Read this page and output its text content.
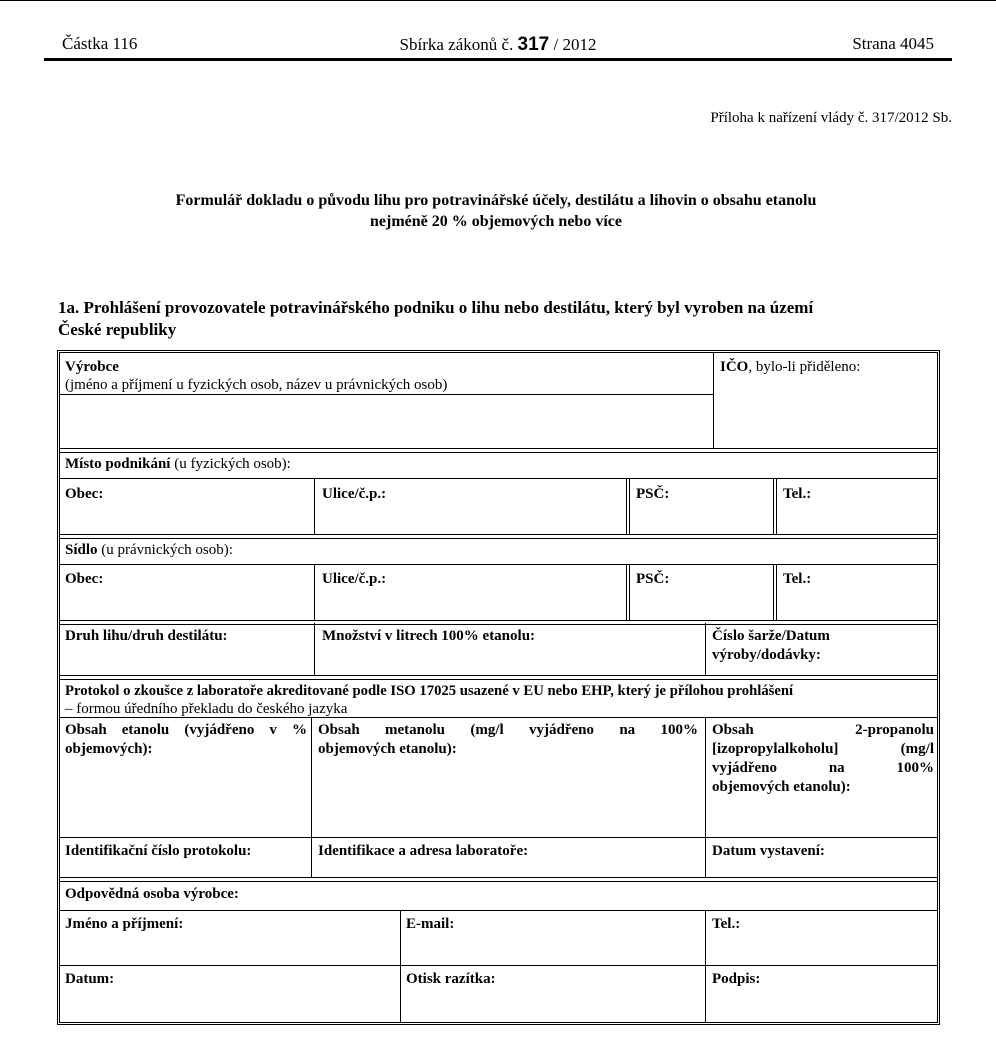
Částka 116	Sbírka zákonů č. 317 / 2012	Strana 4045
Příloha k nařízení vlády č. 317/2012 Sb.
Formulář dokladu o původu lihu pro potravinářské účely, destilátu a lihovin o obsahu etanolu
nejméně 20 % objemových nebo více
1a. Prohlášení provozovatele potravinářského podniku o lihu nebo destilátu, který byl vyroben na území
České republiky
Výrobce
(jméno a příjmení u fyzických osob, název u právnických osob)
IČO, bylo-li přiděleno:
Místo podnikání (u fyzických osob):
Obec:	Ulice/č.p.:	PSČ:	Tel.:
Sídlo (u právnických osob):
Obec:	Ulice/č.p.:	PSČ:	Tel.:
Druh lihu/druh destilátu:	Množství v litrech 100% etanolu:	Číslo šarže/Datum
výroby/dodávky:
Protokol o zkoušce z laboratoře akreditované podle ISO 17025 usazené v EU nebo EHP, který je přílohou prohlášení
– formou úředního překladu do českého jazyka
Obsah etanolu (vyjádřeno v %
objemových):
Obsah metanolu (mg/l vyjádřeno na 100%
objemových etanolu):
Obsah 2-propanolu
[izopropylalkoholu] (mg/l
vyjádřeno na 100%
objemových etanolu):
Identifikační číslo protokolu:	Identifikace a adresa laboratoře:	Datum vystavení:
Odpovědná osoba výrobce:
Jméno a příjmení:	E-mail:	Tel.:
Datum:	Otisk razítka:	Podpis:
